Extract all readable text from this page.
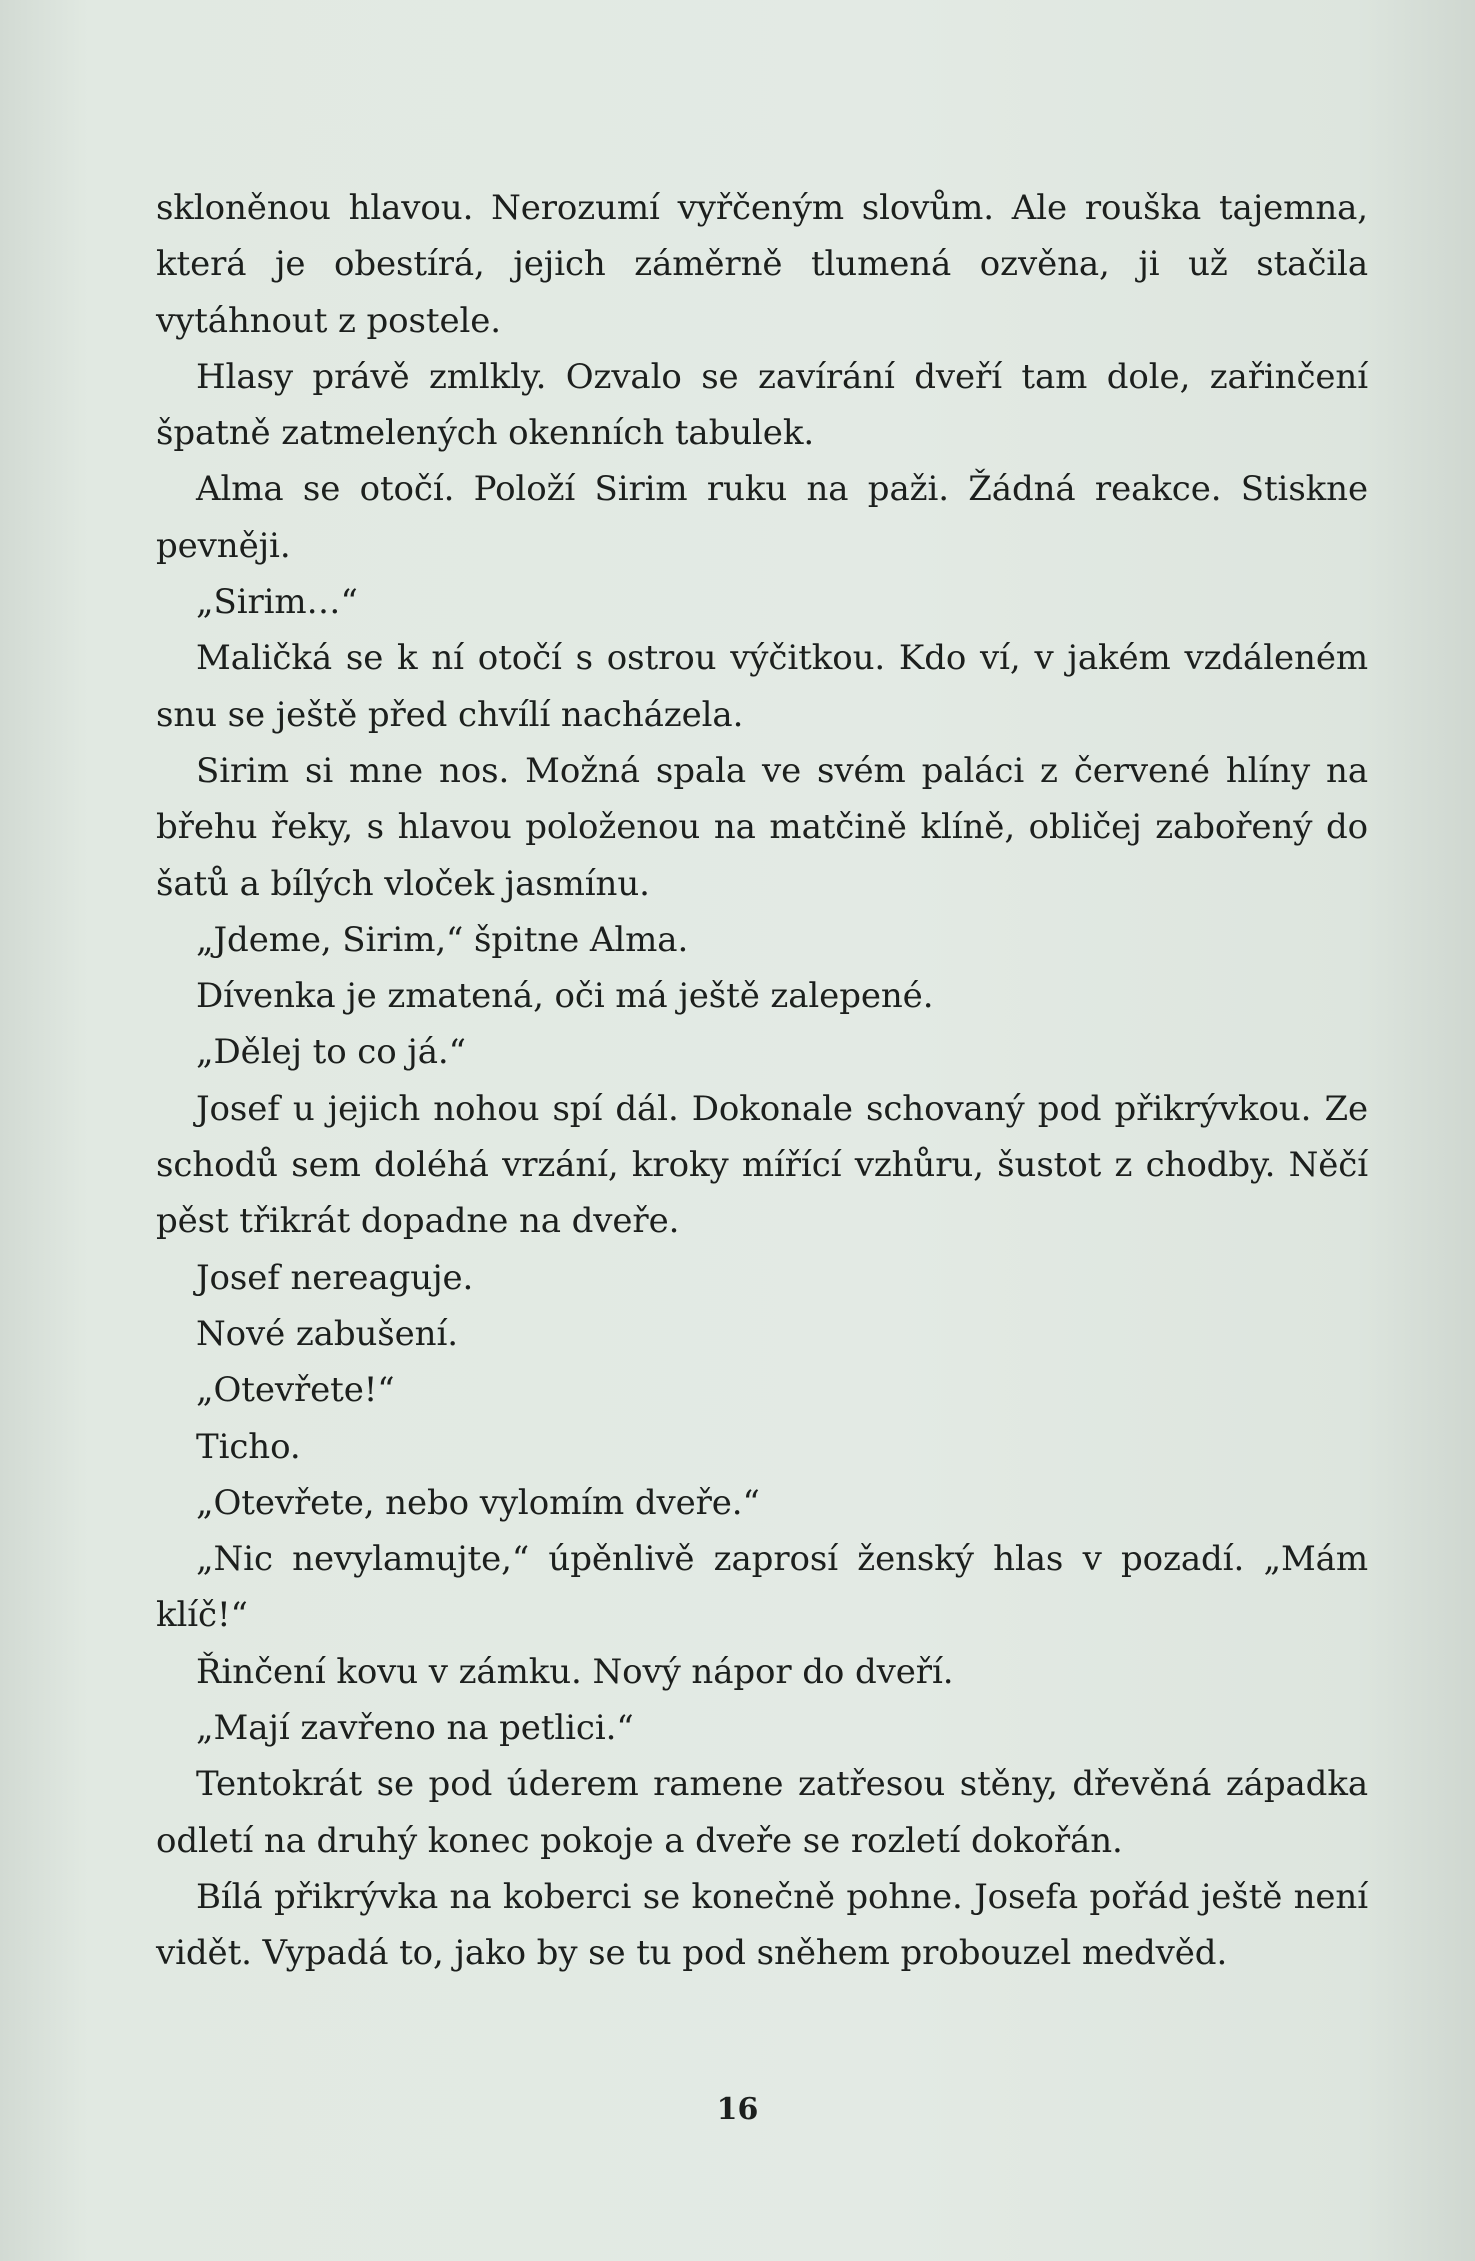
skloněnou hlavou. Nerozumí vyřčeným slovům. Ale rouška tajemna, která je obestírá, jejich záměrně tlumená ozvěna, ji už stačila vytáhnout z postele.

Hlasy právě zmlkly. Ozvalo se zavírání dveří tam dole, zařinčení špatně zatmelených okenních tabulek.

Alma se otočí. Položí Sirim ruku na paži. Žádná reakce. Stiskne pevněji.

„Sirim…“

Maličká se k ní otočí s ostrou výčitkou. Kdo ví, v jakém vzdáleném snu se ještě před chvílí nacházela.

Sirim si mne nos. Možná spala ve svém paláci z červené hlíny na břehu řeky, s hlavou položenou na matčině klíně, obličej zabořený do šatů a bílých vloček jasmínu.

„Jdeme, Sirim,“ špitne Alma.

Dívenka je zmatená, oči má ještě zalepené.

„Dělej to co já.“

Josef u jejich nohou spí dál. Dokonale schovaný pod přikrývkou. Ze schodů sem doléhá vrzání, kroky mířící vzhůru, šustot z chodby. Něčí pěst třikrát dopadne na dveře.

Josef nereaguje.

Nové zabušení.

„Otevřete!“

Ticho.

„Otevřete, nebo vylomím dveře.“

„Nic nevylamujte,“ úpěnlivě zaprosí ženský hlas v pozadí. „Mám klíč!“

Řinčení kovu v zámku. Nový nápor do dveří.

„Mají zavřeno na petlici.“

Tentokrát se pod úderem ramene zatřesou stěny, dřevěná západka odletí na druhý konec pokoje a dveře se rozletí dokořán.

Bílá přikrývka na koberci se konečně pohne. Josefa pořád ještě není vidět. Vypadá to, jako by se tu pod sněhem probouzel medvěd.

16
